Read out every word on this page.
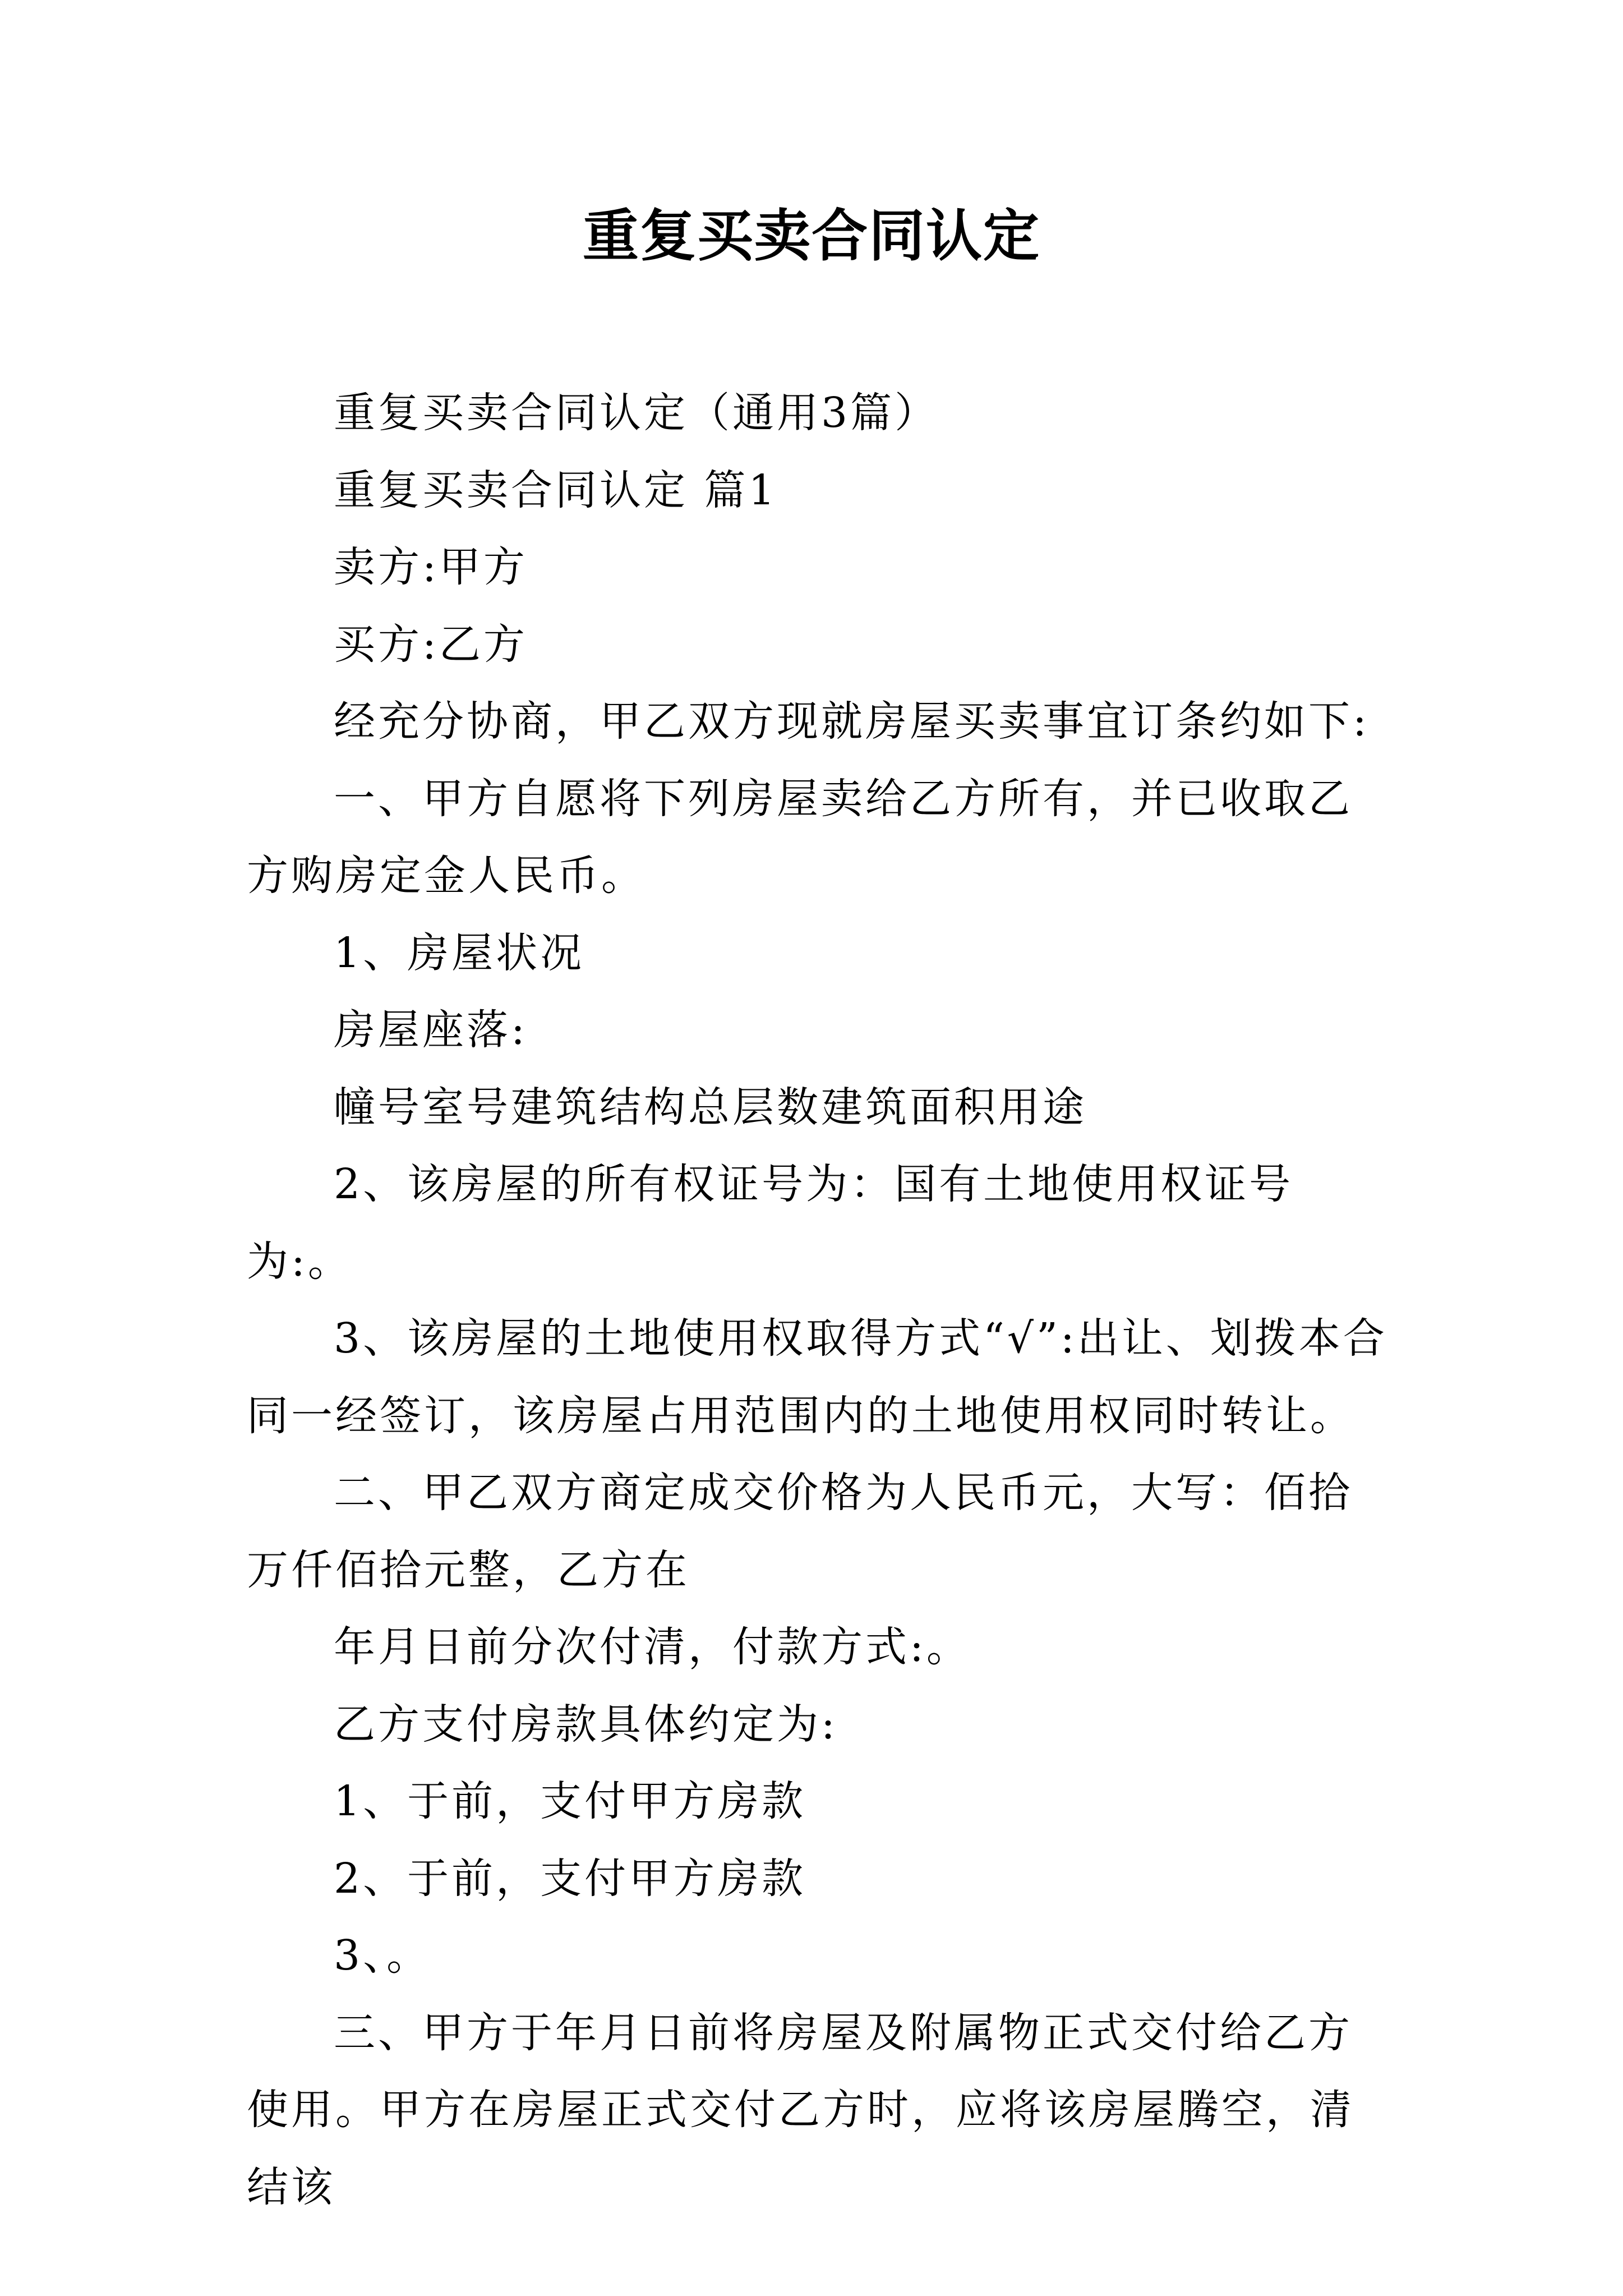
重复买卖合同认定

重复买卖合同认定（通用3篇）

重复买卖合同认定 篇1

卖方:甲方

买方:乙方

经充分协商，甲乙双方现就房屋买卖事宜订条约如下:

一、甲方自愿将下列房屋卖给乙方所有，并已收取乙方购房定金人民币。

1、房屋状况

房屋座落:

幢号室号建筑结构总层数建筑面积用途

2、该房屋的所有权证号为：国有土地使用权证号为:。

3、该房屋的土地使用权取得方式“√”:出让、划拨本合同一经签订，该房屋占用范围内的土地使用权同时转让。

二、甲乙双方商定成交价格为人民币元，大写：佰拾万仟佰拾元整，乙方在

年月日前分次付清，付款方式:。

乙方支付房款具体约定为:

1、于前，支付甲方房款

2、于前，支付甲方房款

3、。

三、甲方于年月日前将房屋及附属物正式交付给乙方使用。甲方在房屋正式交付乙方时，应将该房屋腾空，清结该
